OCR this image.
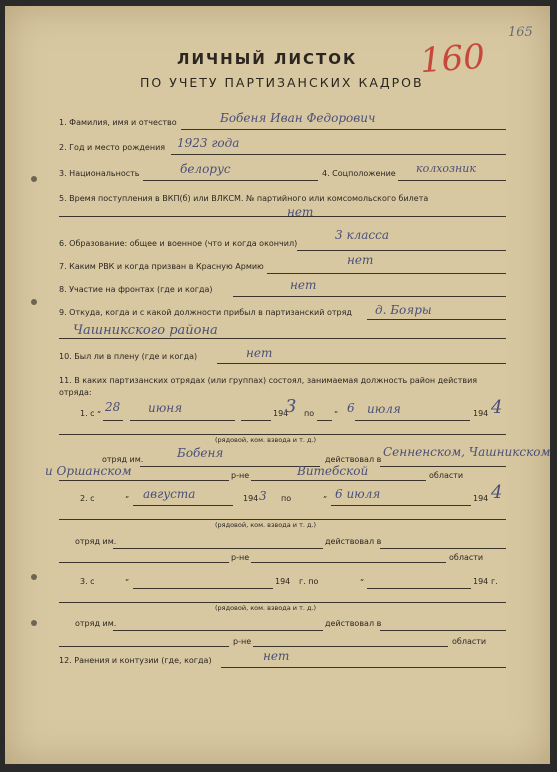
165
ЛИЧНЫЙ ЛИСТОК
ПО УЧЕТУ ПАРТИЗАНСКИХ КАДРОВ
160
1. Фамилия, имя и отчество	Бобеня Иван Федорович
2. Год и место рождения 1923 года
3. Национальность	белорус	4. Соцположение колхозник
5. Время поступления в ВКП(б) или ВЛКСМ. № партийного или комсомольского билета
нет
6. Образование: общее и военное (что и когда окончил)
3 класса
7. Каким РВК и когда призван в Красную Армию	нет
8. Участие на фронтах (где и когда)	нет
9. Откуда, когда и с какой должности прибыл в партизанский отряд д. Бояры
Чашникского района
10. Был ли в плену (где и когда)	нет
11. В каких партизанских отрядах (или группах) состоял, занимаемая должность район действия
отряда:
1. с „ 28 июня	194
3 по „ 6 июля	194 4
(рядовой, ком. взвода и т. д.)
отряд им.	Бобеня	действовал в
Сенненском, Чашникском
и Оршанском	р-не	Витебской	области
2. с	„ августа	194 3 по	„ 6 июля	194 4
(рядовой, ком. взвода и т. д.)
отряд им.	действовал в
р-не	области
3. с	„	194 г. по	„	194 г.
(рядовой, ком. взвода и т. д.)
отряд им.	действовал в
р-не	области
12. Ранения и контузии (где, когда)	нет
